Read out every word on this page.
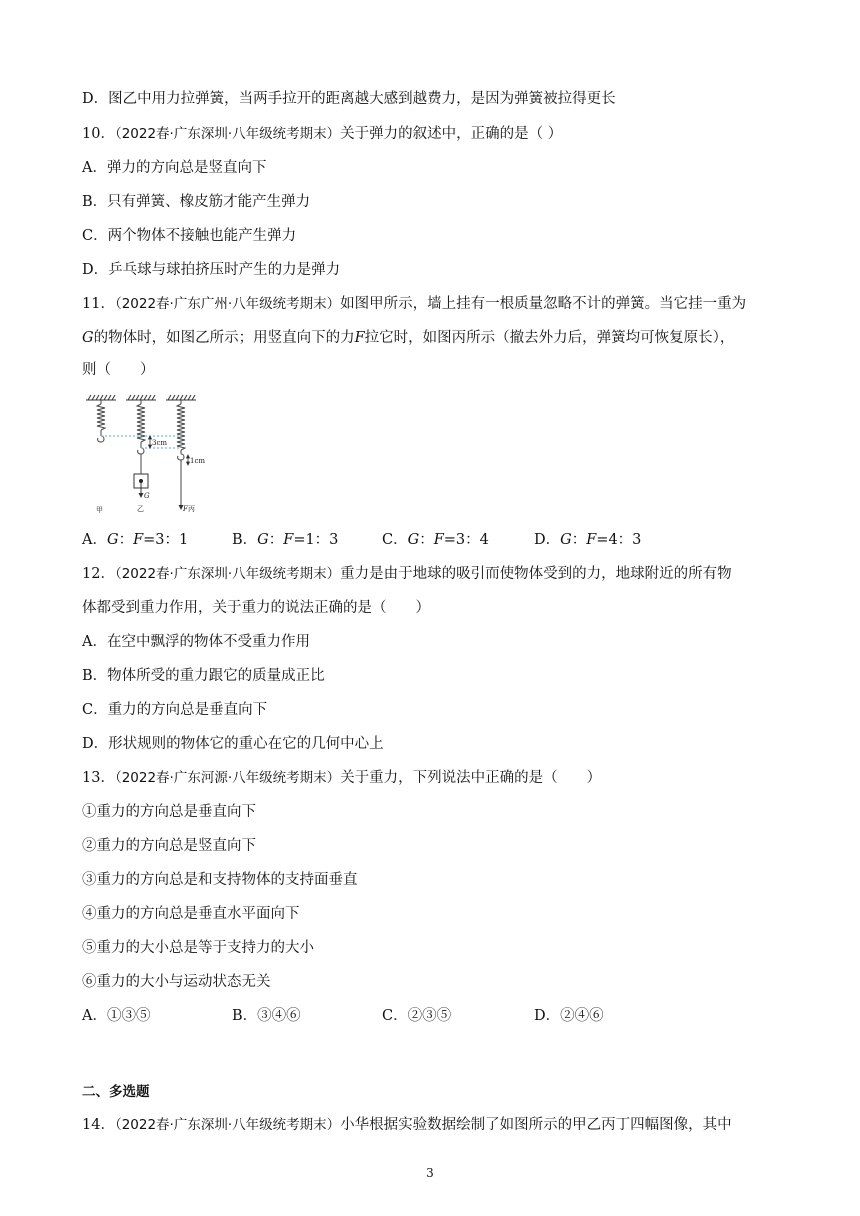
D．图乙中用力拉弹簧，当两手拉开的距离越大感到越费力，是因为弹簧被拉得更长
10．（2022春·广东深圳·八年级统考期末）关于弹力的叙述中，正确的是（ ）
A．弹力的方向总是竖直向下
B．只有弹簧、橡皮筋才能产生弹力
C．两个物体不接触也能产生弹力
D．乒乓球与球拍挤压时产生的力是弹力
11．（2022春·广东广州·八年级统考期末）如图甲所示，墙上挂有一根质量忽略不计的弹簧。当它挂一重为
G的物体时，如图乙所示；用竖直向下的力F拉它时，如图丙所示（撤去外力后，弹簧均可恢复原长），
则（　　）
3cm
1cm
G
F
甲	乙	丙
A．G：F=3：1	B．G：F=1：3	C．G：F=3：4	D．G：F=4：3
12．（2022春·广东深圳·八年级统考期末）重力是由于地球的吸引而使物体受到的力，地球附近的所有物
体都受到重力作用，关于重力的说法正确的是（　　）
A．在空中飘浮的物体不受重力作用
B．物体所受的重力跟它的质量成正比
C．重力的方向总是垂直向下
D．形状规则的物体它的重心在它的几何中心上
13．（2022春·广东河源·八年级统考期末）关于重力，下列说法中正确的是（　　）
①重力的方向总是垂直向下
②重力的方向总是竖直向下
③重力的方向总是和支持物体的支持面垂直
④重力的方向总是垂直水平面向下
⑤重力的大小总是等于支持力的大小
⑥重力的大小与运动状态无关
A．①③⑤	B．③④⑥	C．②③⑤	D．②④⑥
二、多选题
14．（2022春·广东深圳·八年级统考期末）小华根据实验数据绘制了如图所示的甲乙丙丁四幅图像，其中
3
